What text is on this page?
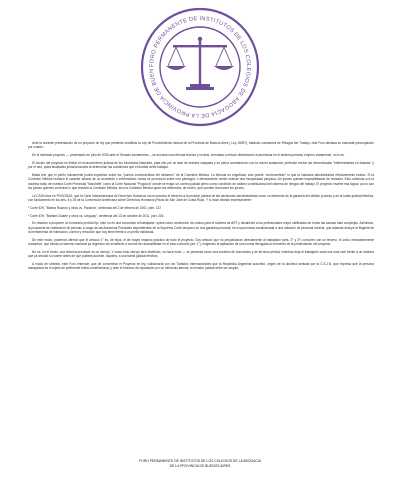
FORO PERMANENTE DE INSTITUTOS DE LOS COLEGIOS DE ABOGACIA DE LA PROVINCIA DE BUEN

Ante la reciente presentación de un proyecto de ley que pretende modificar la Ley de Procedimiento laboral de la Provincia de Buenos Aires ( Ley 15057), tratando cuestiones de Riesgos del Trabajo, este Foro destaca su marcada preocupación por cuanto:

En el mentado proyecto — presentado en julio de 2026 ante el Senado bonaerense— se anuncia una reforma técnica y neutral, orientada a reducir distorsiones económicas en el sistema pericial, empero claramente, no lo es.

El núcleo del proyecto es limitar el reconocimiento judicial de los infortunios laborales, para ello por un lado de manera solapada y en plena contradicción con la norma sustancial, pretende excluir las denominadas "enfermedades no listadas" y por el otro, quita facultades jurisdiccionales al determinar las cuestiones que el Auxiliar debe trabajar.

Basta leer que el perito únicamente podrá expedirse sobre los "puntos controvertidos del dictamen" de la Comisión Médica. La fórmula es engañosa; solo puede "controvertirse" lo que la instancia administrativa efectivamente evaluó. Si la Comisión Médica rechazó el carácter laboral de un accidente o enfermedad, nunca se pronunció sobre una patología, o directamente omitió evaluar una incapacidad psíquica, los jueces quedan imposibilitados de revisarlo. Esto colisiona con la doctrina tanto de nuestra Corte Provincial "Marchetti" como la Corte Nacional "Pogonza" donde se exigió un control judicial pleno como condición de validez constitucional del sistema de riesgos del trabajo. El proyecto invierte esa lógica: ya no son los jueces quienes controlan lo que resolvió la Comisión Médica, sino la Comisión Médica quien les determina, de hecho, qué pueden reconocer los jueces.

La CSJN dice en POGONZA, que la Corte Interamericana de Derechos Humanos ha reconocido el derecho a la revisión judicial de las decisiones administrativas como un elemento de la garantía del debido proceso y de la tutela judicial efectiva, con fundamento en los arts. 8 y 25 de la Convención Americana sobre Derechos Humanos (Pacto de San José de Costa Rica). Y lo hace citando expresamente:

* Corte IDH, "Baena Ricardo y otros vs. Panamá", sentencia del 2 de febrero de 2001, párr. 137.

* Corte IDH, "Barbani Duarte y otros vs. Uruguay", sentencia del 13 de octubre de 2011, párr. 204.

En relación a proponer un honorario pericial fijo, esto no es una concesión al trabajador: opera como contención de costos para el sistema de ART y desaliento a los profesionales mejor calificados de tomar las causas más complejas. Asimismo, la propuesta de realización de pericias a cargo de las Asesorías Periciales dependientes de la Suprema Corte tampoco es una garantía procesal; es una promesa condicionada a una dotación de personal incierta, que además desoye al litigante de la herramienta de intimación, control y remoción que hoy tiene frente a un perito individual.

De este modo, podemos afirmar que el artículo 1° es, de lejos, el de mayor impacto práctico de todo el proyecto. Dos artículo que no perjudicarían directamente al trabajador (arts. 2° y 3°) conviven con un tercero, el único verdaderamente sustantivo, que blinda un baremo nacional ya regresivo sin someterlo a control de razonabilidad en el caso concreto (art. 1°), exigiendo la aplicación de una norma derogada al momento de la presentación del proyecto.

No es, en el fondo, una reforma procesal; es un cerrojo. Y como todo cerrojo bien diseñado, no hace ruido — se presenta como una cuestión de honorarios y de técnica pericial, mientras deja al trabajador cada vez más solo frente a un sistema que ya decidió su suerte antes de que pudiera acceder, siquiera, a una tutela judicial efectiva.

A modo de síntesis, este Foro entiende, que de convertirse el Proyecto en ley, colisionaría con los Tratados Internacionales que la República Argentina suscribió, origen de la doctrina sentada por la C.S.J.N. que expresa que la persona trabajadora es el sujeto de preferente tutela constitucional, y ante el reclamo de reparación por un infortunio laboral, la revisión judicial debe ser amplia.

FORO PERMANENTE DE INSTITUTOS DE LOS COLEGIOS DE LA ABOGACIA
DE LA PROVINCIA DE BUENOS AIRES
